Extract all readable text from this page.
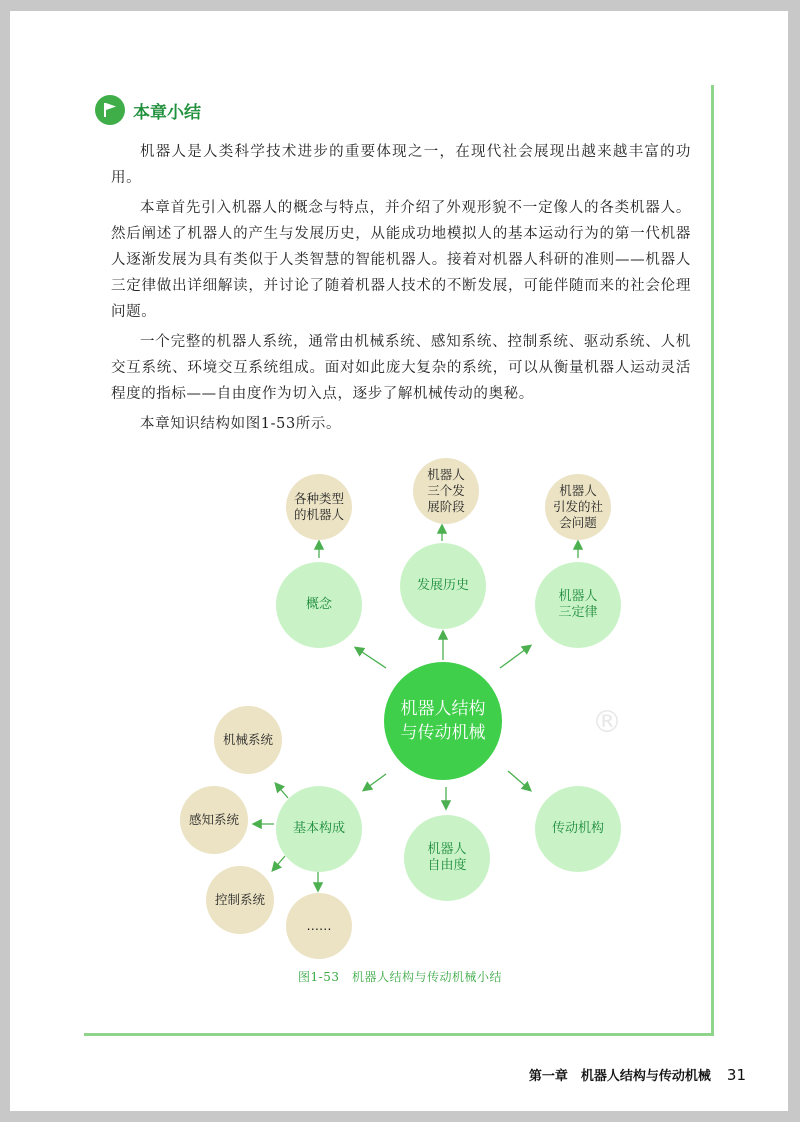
本章小结

机器人是人类科学技术进步的重要体现之一，在现代社会展现出越来越丰富的功用。

本章首先引入机器人的概念与特点，并介绍了外观形貌不一定像人的各类机器人。然后阐述了机器人的产生与发展历史，从能成功地模拟人的基本运动行为的第一代机器人逐渐发展为具有类似于人类智慧的智能机器人。接着对机器人科研的准则——机器人三定律做出详细解读，并讨论了随着机器人技术的不断发展，可能伴随而来的社会伦理问题。

一个完整的机器人系统，通常由机械系统、感知系统、控制系统、驱动系统、人机交互系统、环境交互系统组成。面对如此庞大复杂的系统，可以从衡量机器人运动灵活程度的指标——自由度作为切入点，逐步了解机械传动的奥秘。

本章知识结构如图1-53所示。

®
机器人结构
与传动机械
概念
发展历史
机器人
三定律
基本构成
机器人
自由度
传动机构
各种类型
的机器人
机器人
三个发
展阶段
机器人
引发的社
会问题
机械系统
感知系统
控制系统
……
图1-53　机器人结构与传动机械小结
第一章　机器人结构与传动机械 31
